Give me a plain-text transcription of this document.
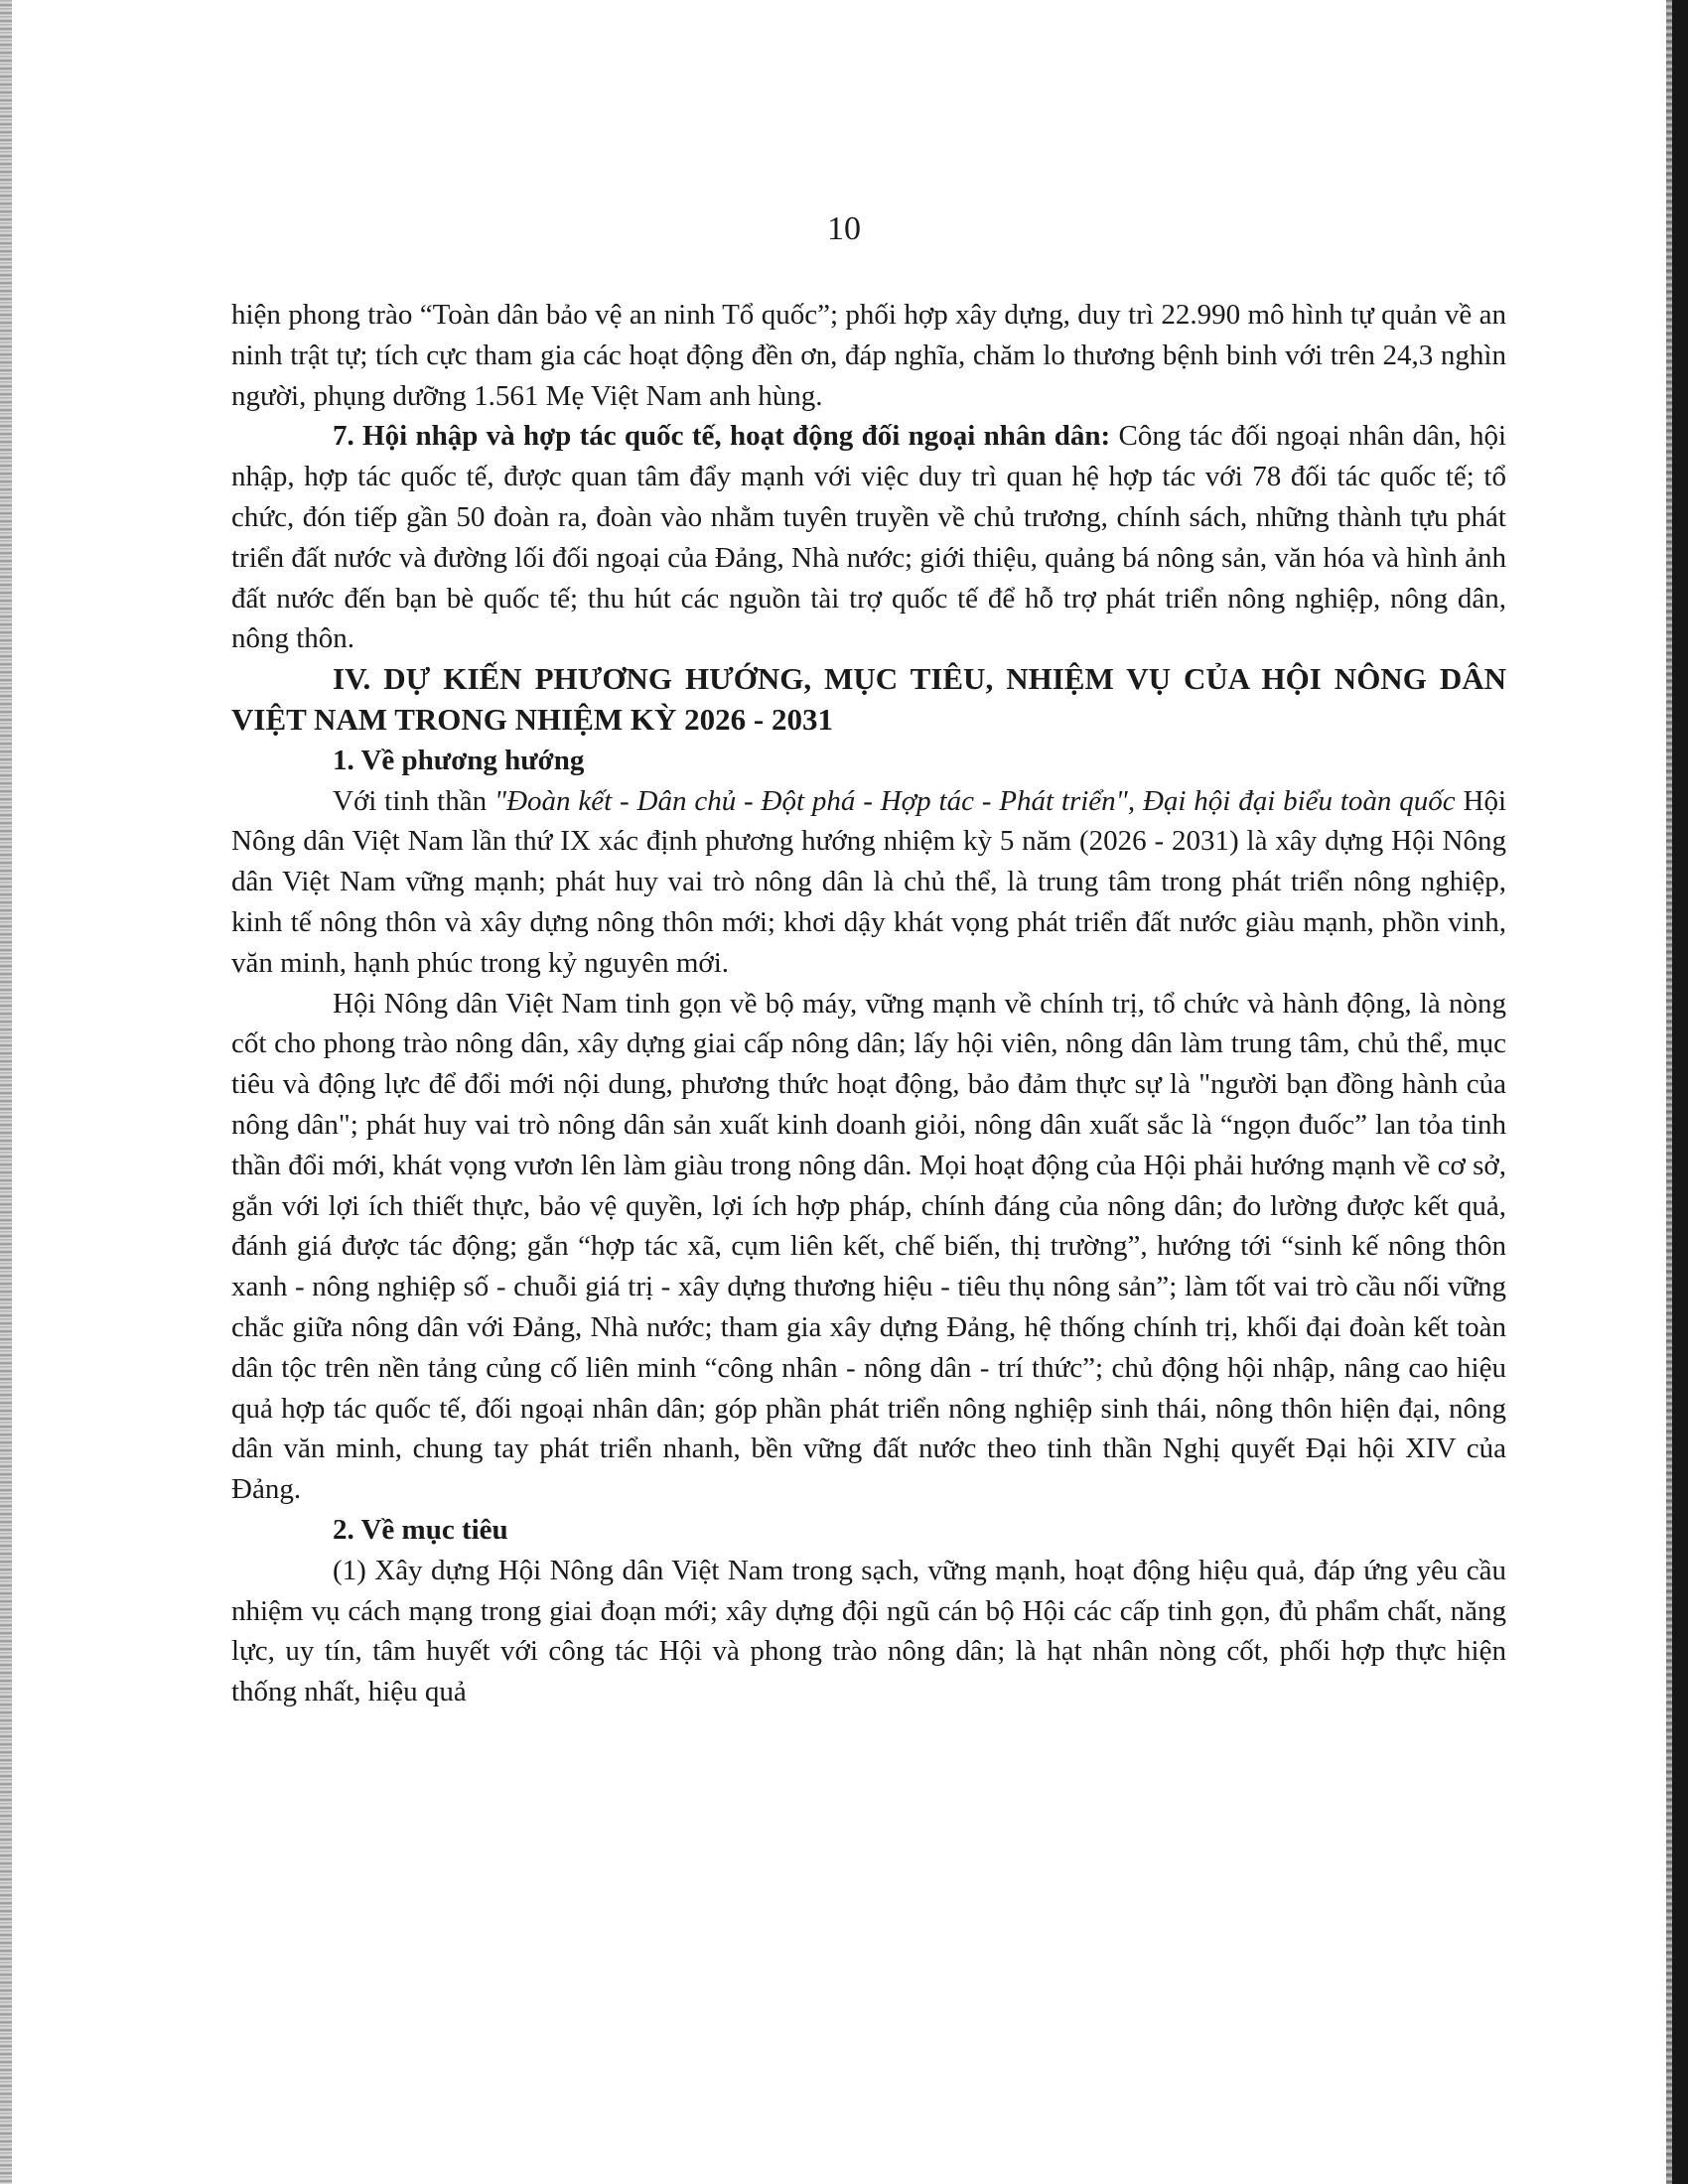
10

hiện phong trào “Toàn dân bảo vệ an ninh Tổ quốc”; phối hợp xây dựng, duy trì 22.990 mô hình tự quản về an ninh trật tự; tích cực tham gia các hoạt động đền ơn, đáp nghĩa, chăm lo thương bệnh binh với trên 24,3 nghìn người, phụng dưỡng 1.561 Mẹ Việt Nam anh hùng.

7. Hội nhập và hợp tác quốc tế, hoạt động đối ngoại nhân dân: Công tác đối ngoại nhân dân, hội nhập, hợp tác quốc tế, được quan tâm đẩy mạnh với việc duy trì quan hệ hợp tác với 78 đối tác quốc tế; tổ chức, đón tiếp gần 50 đoàn ra, đoàn vào nhằm tuyên truyền về chủ trương, chính sách, những thành tựu phát triển đất nước và đường lối đối ngoại của Đảng, Nhà nước; giới thiệu, quảng bá nông sản, văn hóa và hình ảnh đất nước đến bạn bè quốc tế; thu hút các nguồn tài trợ quốc tế để hỗ trợ phát triển nông nghiệp, nông dân, nông thôn.

IV. DỰ KIẾN PHƯƠNG HƯỚNG, MỤC TIÊU, NHIỆM VỤ CỦA HỘI NÔNG DÂN VIỆT NAM TRONG NHIỆM KỲ 2026 - 2031

1. Về phương hướng

Với tinh thần "Đoàn kết - Dân chủ - Đột phá - Hợp tác - Phát triển", Đại hội đại biểu toàn quốc Hội Nông dân Việt Nam lần thứ IX xác định phương hướng nhiệm kỳ 5 năm (2026 - 2031) là xây dựng Hội Nông dân Việt Nam vững mạnh; phát huy vai trò nông dân là chủ thể, là trung tâm trong phát triển nông nghiệp, kinh tế nông thôn và xây dựng nông thôn mới; khơi dậy khát vọng phát triển đất nước giàu mạnh, phồn vinh, văn minh, hạnh phúc trong kỷ nguyên mới.

Hội Nông dân Việt Nam tinh gọn về bộ máy, vững mạnh về chính trị, tổ chức và hành động, là nòng cốt cho phong trào nông dân, xây dựng giai cấp nông dân; lấy hội viên, nông dân làm trung tâm, chủ thể, mục tiêu và động lực để đổi mới nội dung, phương thức hoạt động, bảo đảm thực sự là "người bạn đồng hành của nông dân"; phát huy vai trò nông dân sản xuất kinh doanh giỏi, nông dân xuất sắc là “ngọn đuốc” lan tỏa tinh thần đổi mới, khát vọng vươn lên làm giàu trong nông dân. Mọi hoạt động của Hội phải hướng mạnh về cơ sở, gắn với lợi ích thiết thực, bảo vệ quyền, lợi ích hợp pháp, chính đáng của nông dân; đo lường được kết quả, đánh giá được tác động; gắn “hợp tác xã, cụm liên kết, chế biến, thị trường”, hướng tới “sinh kế nông thôn xanh - nông nghiệp số - chuỗi giá trị - xây dựng thương hiệu - tiêu thụ nông sản”; làm tốt vai trò cầu nối vững chắc giữa nông dân với Đảng, Nhà nước; tham gia xây dựng Đảng, hệ thống chính trị, khối đại đoàn kết toàn dân tộc trên nền tảng củng cố liên minh “công nhân - nông dân - trí thức”; chủ động hội nhập, nâng cao hiệu quả hợp tác quốc tế, đối ngoại nhân dân; góp phần phát triển nông nghiệp sinh thái, nông thôn hiện đại, nông dân văn minh, chung tay phát triển nhanh, bền vững đất nước theo tinh thần Nghị quyết Đại hội XIV của Đảng.

2. Về mục tiêu

(1) Xây dựng Hội Nông dân Việt Nam trong sạch, vững mạnh, hoạt động hiệu quả, đáp ứng yêu cầu nhiệm vụ cách mạng trong giai đoạn mới; xây dựng đội ngũ cán bộ Hội các cấp tinh gọn, đủ phẩm chất, năng lực, uy tín, tâm huyết với công tác Hội và phong trào nông dân; là hạt nhân nòng cốt, phối hợp thực hiện thống nhất, hiệu quả
